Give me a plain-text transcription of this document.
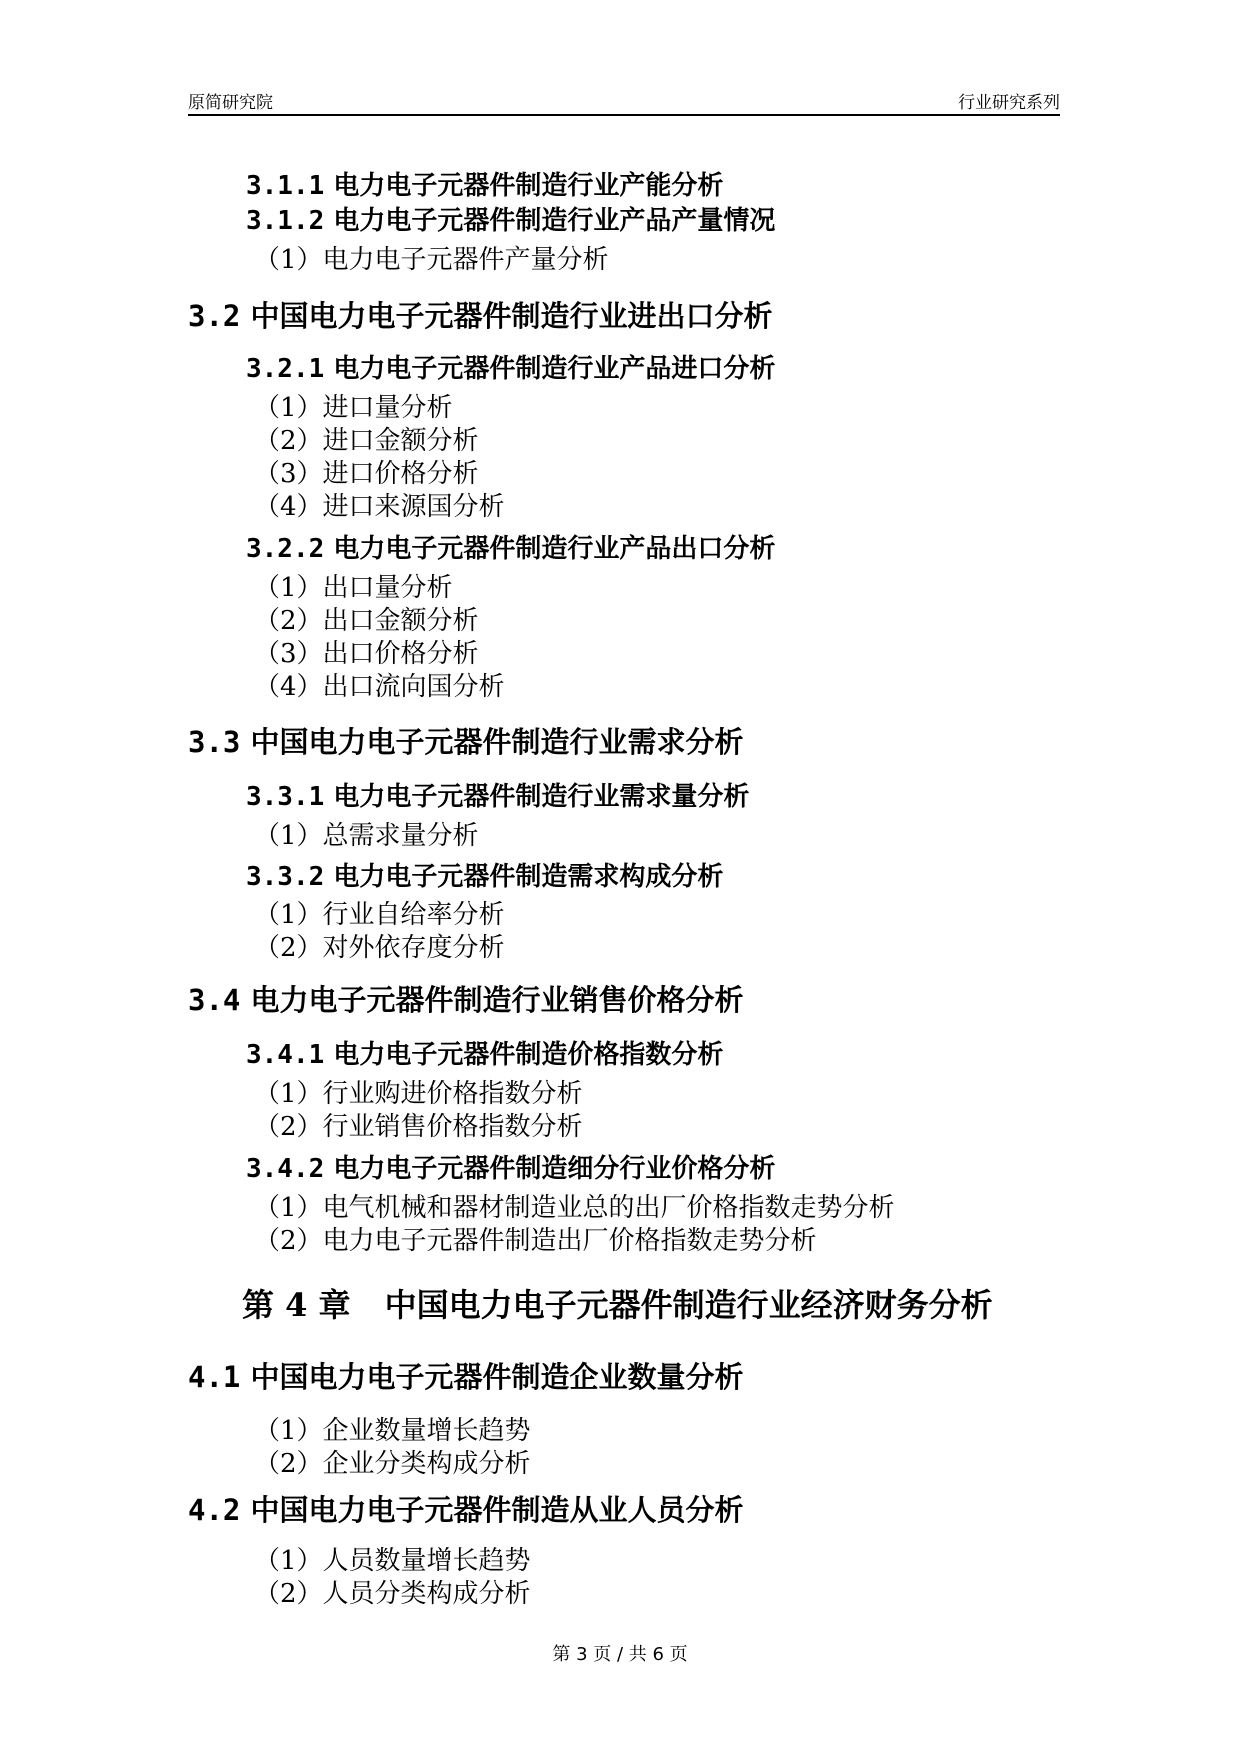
原简研究院	行业研究系列
3.1.1 电力电子元器件制造行业产能分析
3.1.2 电力电子元器件制造行业产品产量情况
（1）电力电子元器件产量分析
3.2 中国电力电子元器件制造行业进出口分析
3.2.1 电力电子元器件制造行业产品进口分析
（1）进口量分析
（2）进口金额分析
（3）进口价格分析
（4）进口来源国分析
3.2.2 电力电子元器件制造行业产品出口分析
（1）出口量分析
（2）出口金额分析
（3）出口价格分析
（4）出口流向国分析
3.3 中国电力电子元器件制造行业需求分析
3.3.1 电力电子元器件制造行业需求量分析
（1）总需求量分析
3.3.2 电力电子元器件制造需求构成分析
（1）行业自给率分析
（2）对外依存度分析
3.4 电力电子元器件制造行业销售价格分析
3.4.1 电力电子元器件制造价格指数分析
（1）行业购进价格指数分析
（2）行业销售价格指数分析
3.4.2 电力电子元器件制造细分行业价格分析
（1）电气机械和器材制造业总的出厂价格指数走势分析
（2）电力电子元器件制造出厂价格指数走势分析
第 4 章 中国电力电子元器件制造行业经济财务分析
4.1 中国电力电子元器件制造企业数量分析
（1）企业数量增长趋势
（2）企业分类构成分析
4.2 中国电力电子元器件制造从业人员分析
（1）人员数量增长趋势
（2）人员分类构成分析
第 3 页 / 共 6 页
